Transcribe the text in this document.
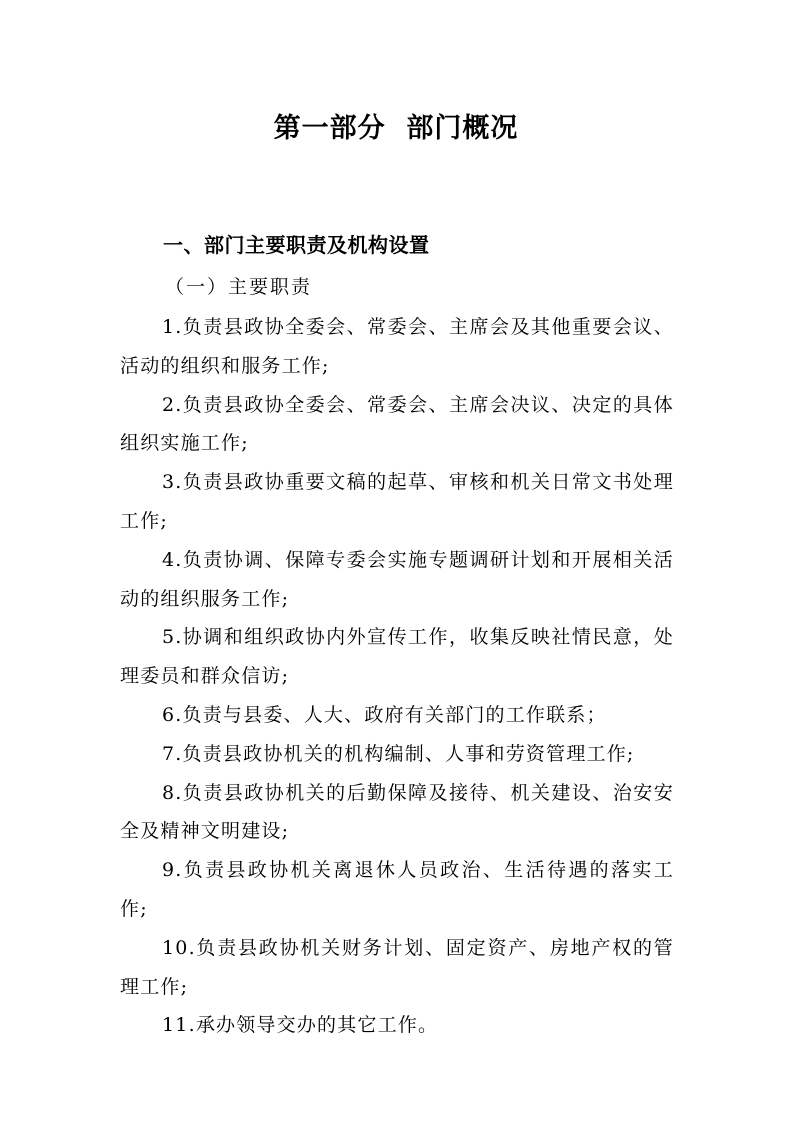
第一部分  部门概况
一、部门主要职责及机构设置
（一）主要职责

1.负责县政协全委会、常委会、主席会及其他重要会议、活动的组织和服务工作;

2.负责县政协全委会、常委会、主席会决议、决定的具体组织实施工作;

3.负责县政协重要文稿的起草、审核和机关日常文书处理工作;

4.负责协调、保障专委会实施专题调研计划和开展相关活动的组织服务工作;

5.协调和组织政协内外宣传工作，收集反映社情民意，处理委员和群众信访;

6.负责与县委、人大、政府有关部门的工作联系；

7.负责县政协机关的机构编制、人事和劳资管理工作;

8.负责县政协机关的后勤保障及接待、机关建设、治安安全及精神文明建设;

9.负责县政协机关离退休人员政治、生活待遇的落实工作;

10.负责县政协机关财务计划、固定资产、房地产权的管理工作;

11.承办领导交办的其它工作。
